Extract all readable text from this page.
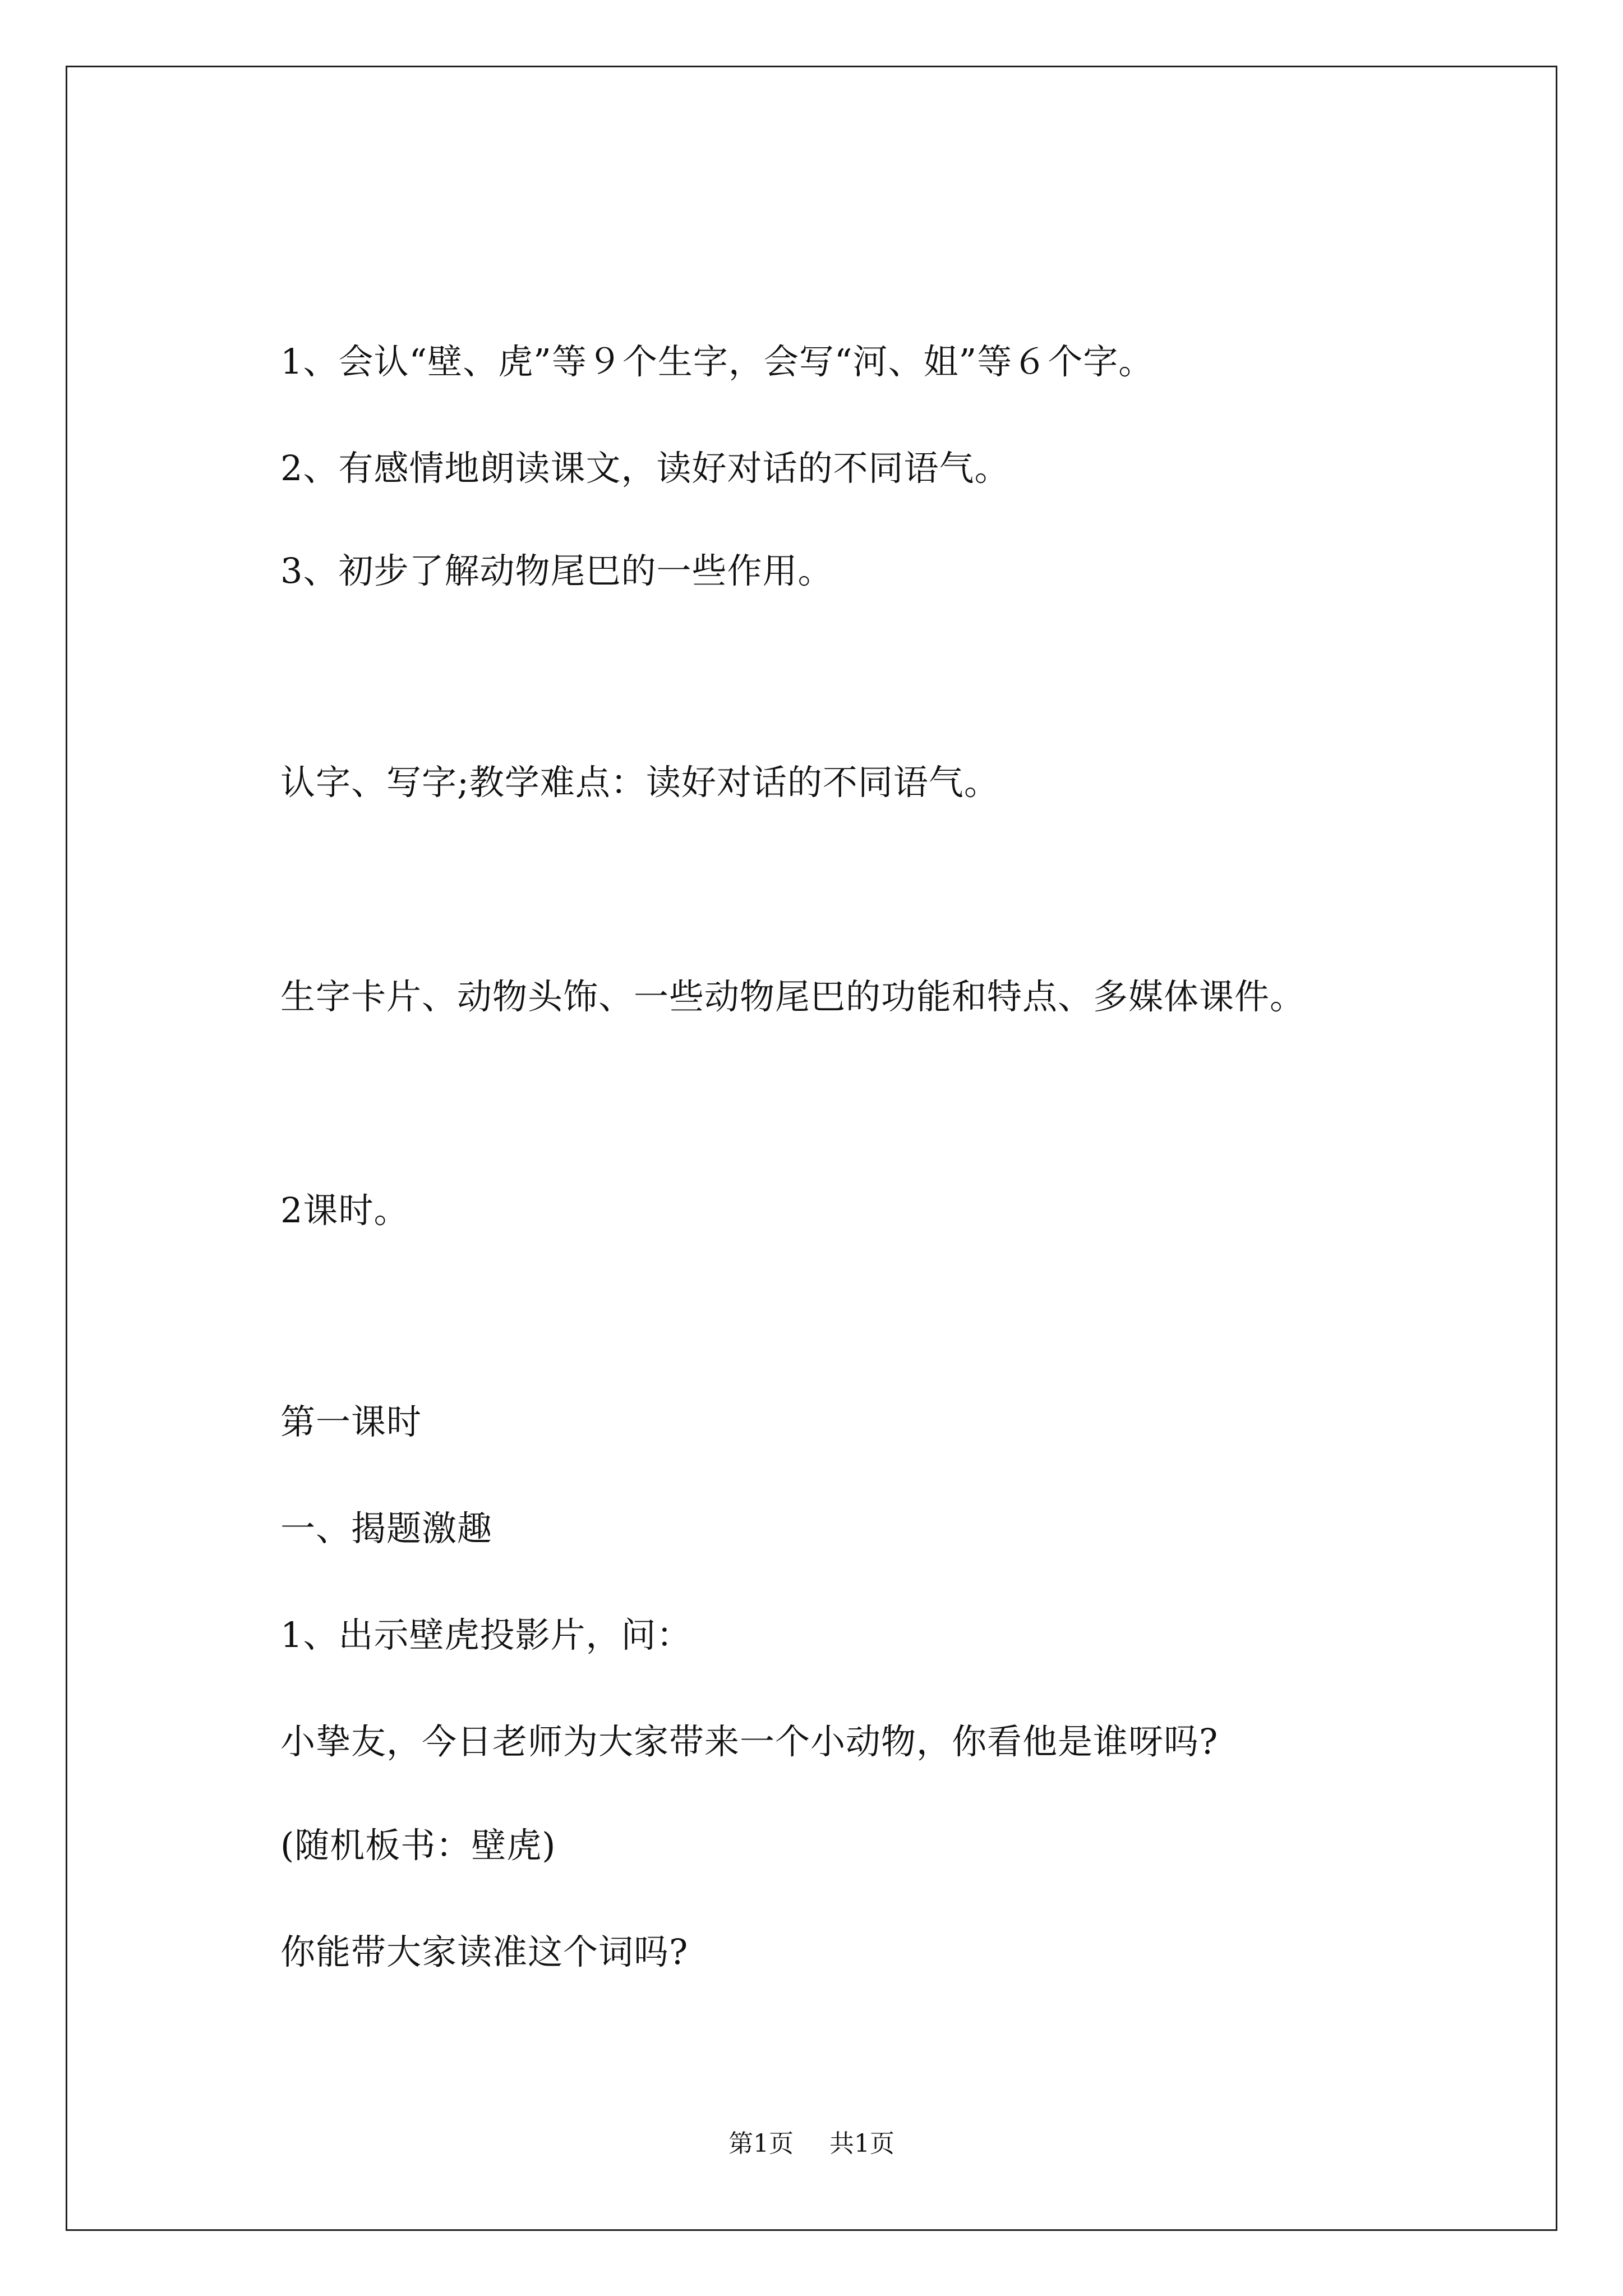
1、会认“壁、虎”等９个生字，会写“河、姐”等６个字。
2、有感情地朗读课文，读好对话的不同语气。
3、初步了解动物尾巴的一些作用。
认字、写字;教学难点：读好对话的不同语气。
生字卡片、动物头饰、一些动物尾巴的功能和特点、多媒体课件。
2课时。
第一课时
一、揭题激趣
1、出示壁虎投影片，问：
小挚友，今日老师为大家带来一个小动物，你看他是谁呀吗?
(随机板书：壁虎)
你能带大家读准这个词吗?
第1页 共1页
